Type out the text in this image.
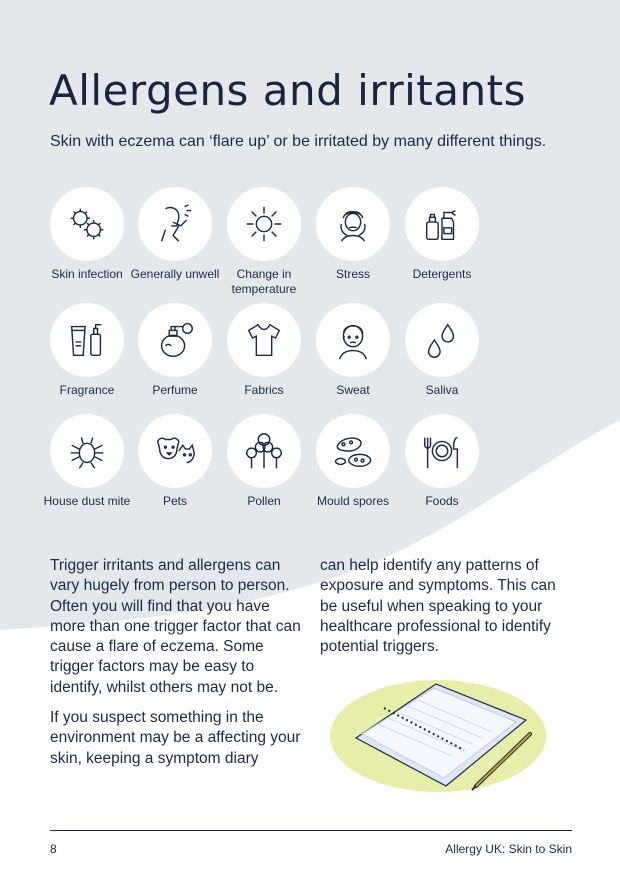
Allergens and irritants

Skin with eczema can ‘flare up’ or be irritated by many different things.

Skin infection Generally unwell	Change in temperature
Stress	Detergents
Fragrance	Perfume	Fabrics	Sweat	Saliva
House dust mite	Pets	Pollen	Mould spores	Foods

Trigger irritants and allergens can vary hugely from person to person. Often you will find that you have more than one trigger factor that can cause a flare of eczema. Some trigger factors may be easy to identify, whilst others may not be.

If you suspect something in the environment may be a affecting your skin, keeping a symptom diary

can help identify any patterns of exposure and symptoms. This can be useful when speaking to your healthcare professional to identify potential triggers.

8	Allergy UK: Skin to Skin
